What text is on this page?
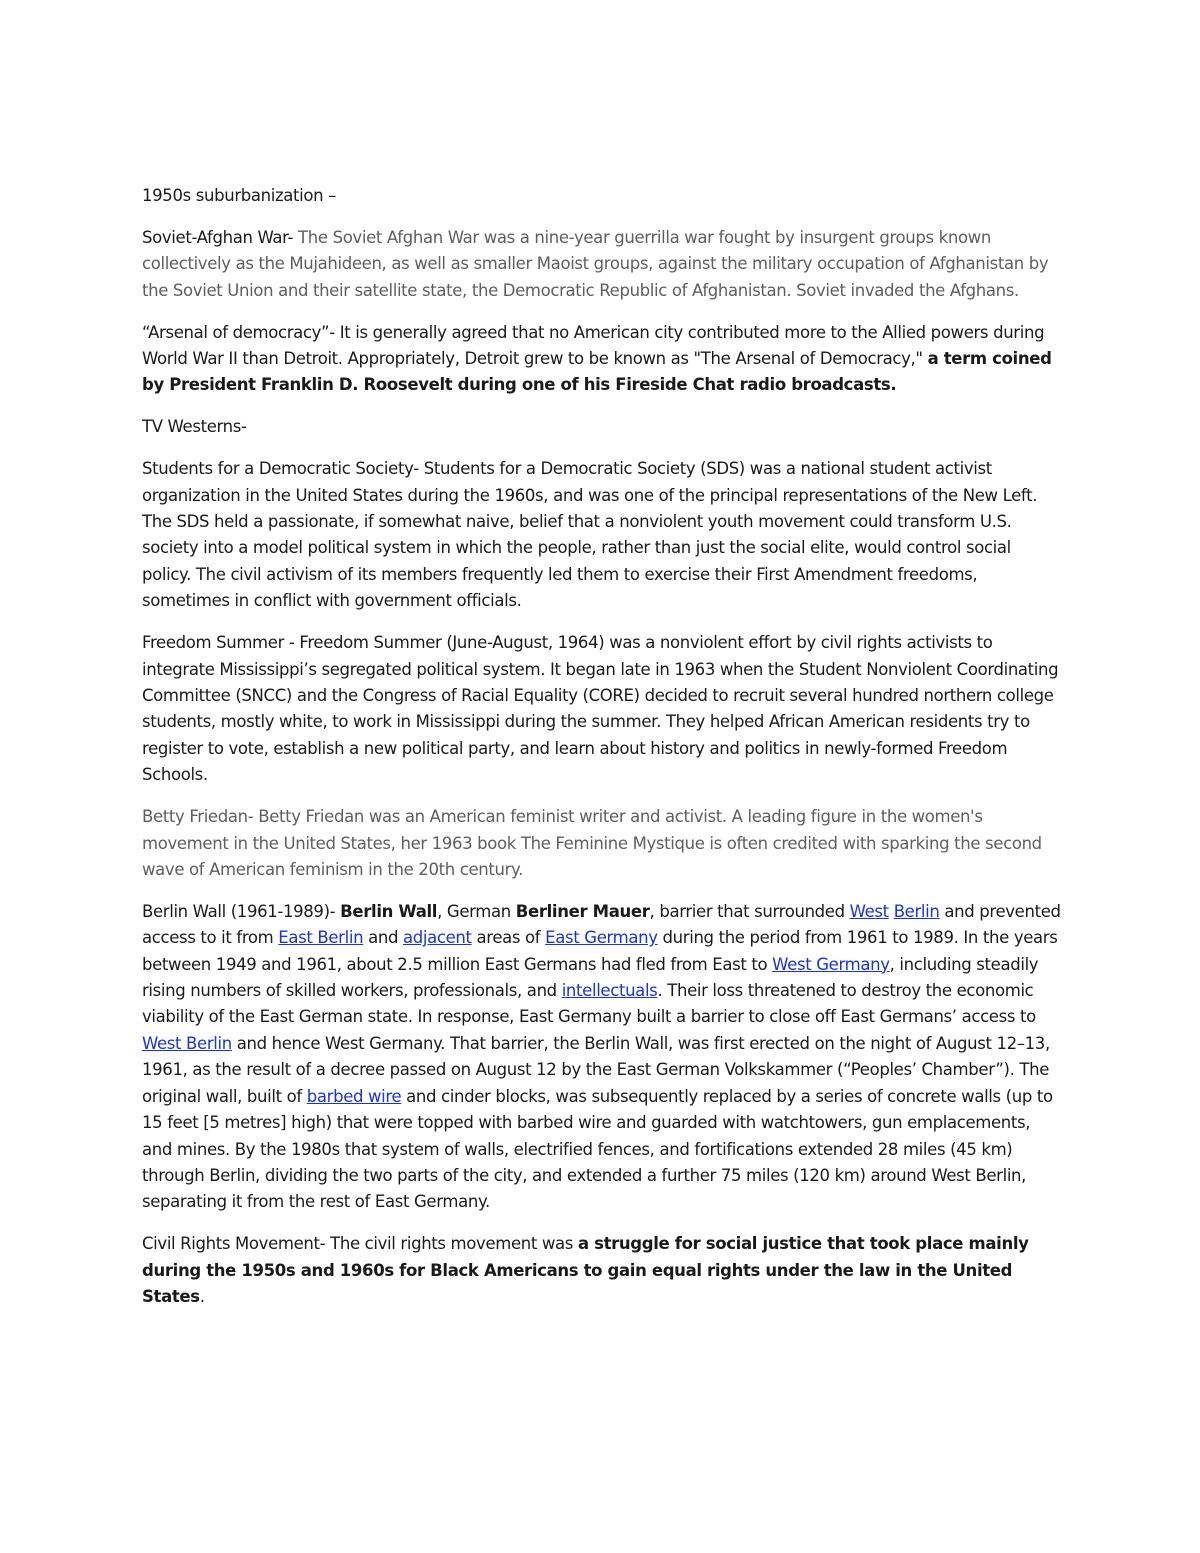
1950s suburbanization –

Soviet-Afghan War- The Soviet Afghan War was a nine-year guerrilla war fought by insurgent groups known collectively as the Mujahideen, as well as smaller Maoist groups, against the military occupation of Afghanistan by the Soviet Union and their satellite state, the Democratic Republic of Afghanistan. Soviet invaded the Afghans.

“Arsenal of democracy”- It is generally agreed that no American city contributed more to the Allied powers during World War II than Detroit. Appropriately, Detroit grew to be known as "The Arsenal of Democracy," a term coined by President Franklin D. Roosevelt during one of his Fireside Chat radio broadcasts.

TV Westerns-

Students for a Democratic Society- Students for a Democratic Society (SDS) was a national student activist organization in the United States during the 1960s, and was one of the principal representations of the New Left. The SDS held a passionate, if somewhat naive, belief that a nonviolent youth movement could transform U.S. society into a model political system in which the people, rather than just the social elite, would control social policy. The civil activism of its members frequently led them to exercise their First Amendment freedoms, sometimes in conflict with government officials.

Freedom Summer - Freedom Summer (June-August, 1964) was a nonviolent effort by civil rights activists to integrate Mississippi’s segregated political system. It began late in 1963 when the Student Nonviolent Coordinating Committee (SNCC) and the Congress of Racial Equality (CORE) decided to recruit several hundred northern college students, mostly white, to work in Mississippi during the summer. They helped African American residents try to register to vote, establish a new political party, and learn about history and politics in newly-formed Freedom Schools.

Betty Friedan- Betty Friedan was an American feminist writer and activist. A leading figure in the women's movement in the United States, her 1963 book The Feminine Mystique is often credited with sparking the second wave of American feminism in the 20th century.

Berlin Wall (1961-1989)- Berlin Wall, German Berliner Mauer, barrier that surrounded West Berlin and prevented access to it from East Berlin and adjacent areas of East Germany during the period from 1961 to 1989. In the years between 1949 and 1961, about 2.5 million East Germans had fled from East to West Germany, including steadily rising numbers of skilled workers, professionals, and intellectuals. Their loss threatened to destroy the economic viability of the East German state. In response, East Germany built a barrier to close off East Germans’ access to West Berlin and hence West Germany. That barrier, the Berlin Wall, was first erected on the night of August 12–13, 1961, as the result of a decree passed on August 12 by the East German Volkskammer (“Peoples’ Chamber”). The original wall, built of barbed wire and cinder blocks, was subsequently replaced by a series of concrete walls (up to 15 feet [5 metres] high) that were topped with barbed wire and guarded with watchtowers, gun emplacements, and mines. By the 1980s that system of walls, electrified fences, and fortifications extended 28 miles (45 km) through Berlin, dividing the two parts of the city, and extended a further 75 miles (120 km) around West Berlin, separating it from the rest of East Germany.

Civil Rights Movement- The civil rights movement was a struggle for social justice that took place mainly during the 1950s and 1960s for Black Americans to gain equal rights under the law in the United States.
